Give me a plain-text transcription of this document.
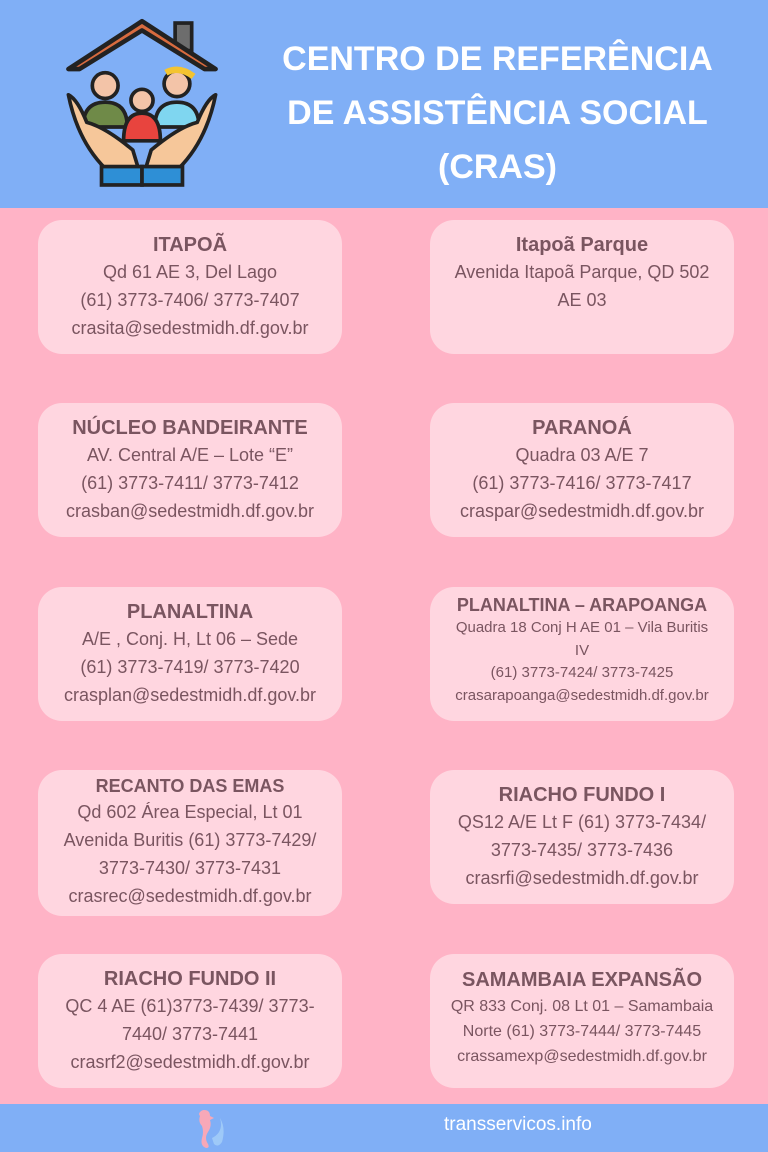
CENTRO DE REFERÊNCIA
DE ASSISTÊNCIA SOCIAL
(CRAS)
ITAPOÃ
Qd 61 AE 3, Del Lago
(61) 3773-7406/ 3773-7407
crasita@sedestmidh.df.gov.br
Itapoã Parque
Avenida Itapoã Parque, QD 502
AE 03
NÚCLEO BANDEIRANTE
AV. Central A/E – Lote “E”
(61) 3773-7411/ 3773-7412
crasban@sedestmidh.df.gov.br
PARANOÁ
Quadra 03 A/E 7
(61) 3773-7416/ 3773-7417
craspar@sedestmidh.df.gov.br
PLANALTINA
A/E , Conj. H, Lt 06 – Sede
(61) 3773-7419/ 3773-7420
crasplan@sedestmidh.df.gov.br
PLANALTINA – ARAPOANGA
Quadra 18 Conj H AE 01 – Vila Buritis
IV
(61) 3773-7424/ 3773-7425
crasarapoanga@sedestmidh.df.gov.br
RECANTO DAS EMAS
Qd 602 Área Especial, Lt 01
Avenida Buritis (61) 3773-7429/
3773-7430/ 3773-7431
crasrec@sedestmidh.df.gov.br
RIACHO FUNDO I
QS12 A/E Lt F (61) 3773-7434/
3773-7435/ 3773-7436
crasrfi@sedestmidh.df.gov.br
RIACHO FUNDO II
QC 4 AE (61)3773-7439/ 3773-
7440/ 3773-7441
crasrf2@sedestmidh.df.gov.br
SAMAMBAIA EXPANSÃO
QR 833 Conj. 08 Lt 01 – Samambaia
Norte (61) 3773-7444/ 3773-7445
crassamexp@sedestmidh.df.gov.br
transservicos.info
